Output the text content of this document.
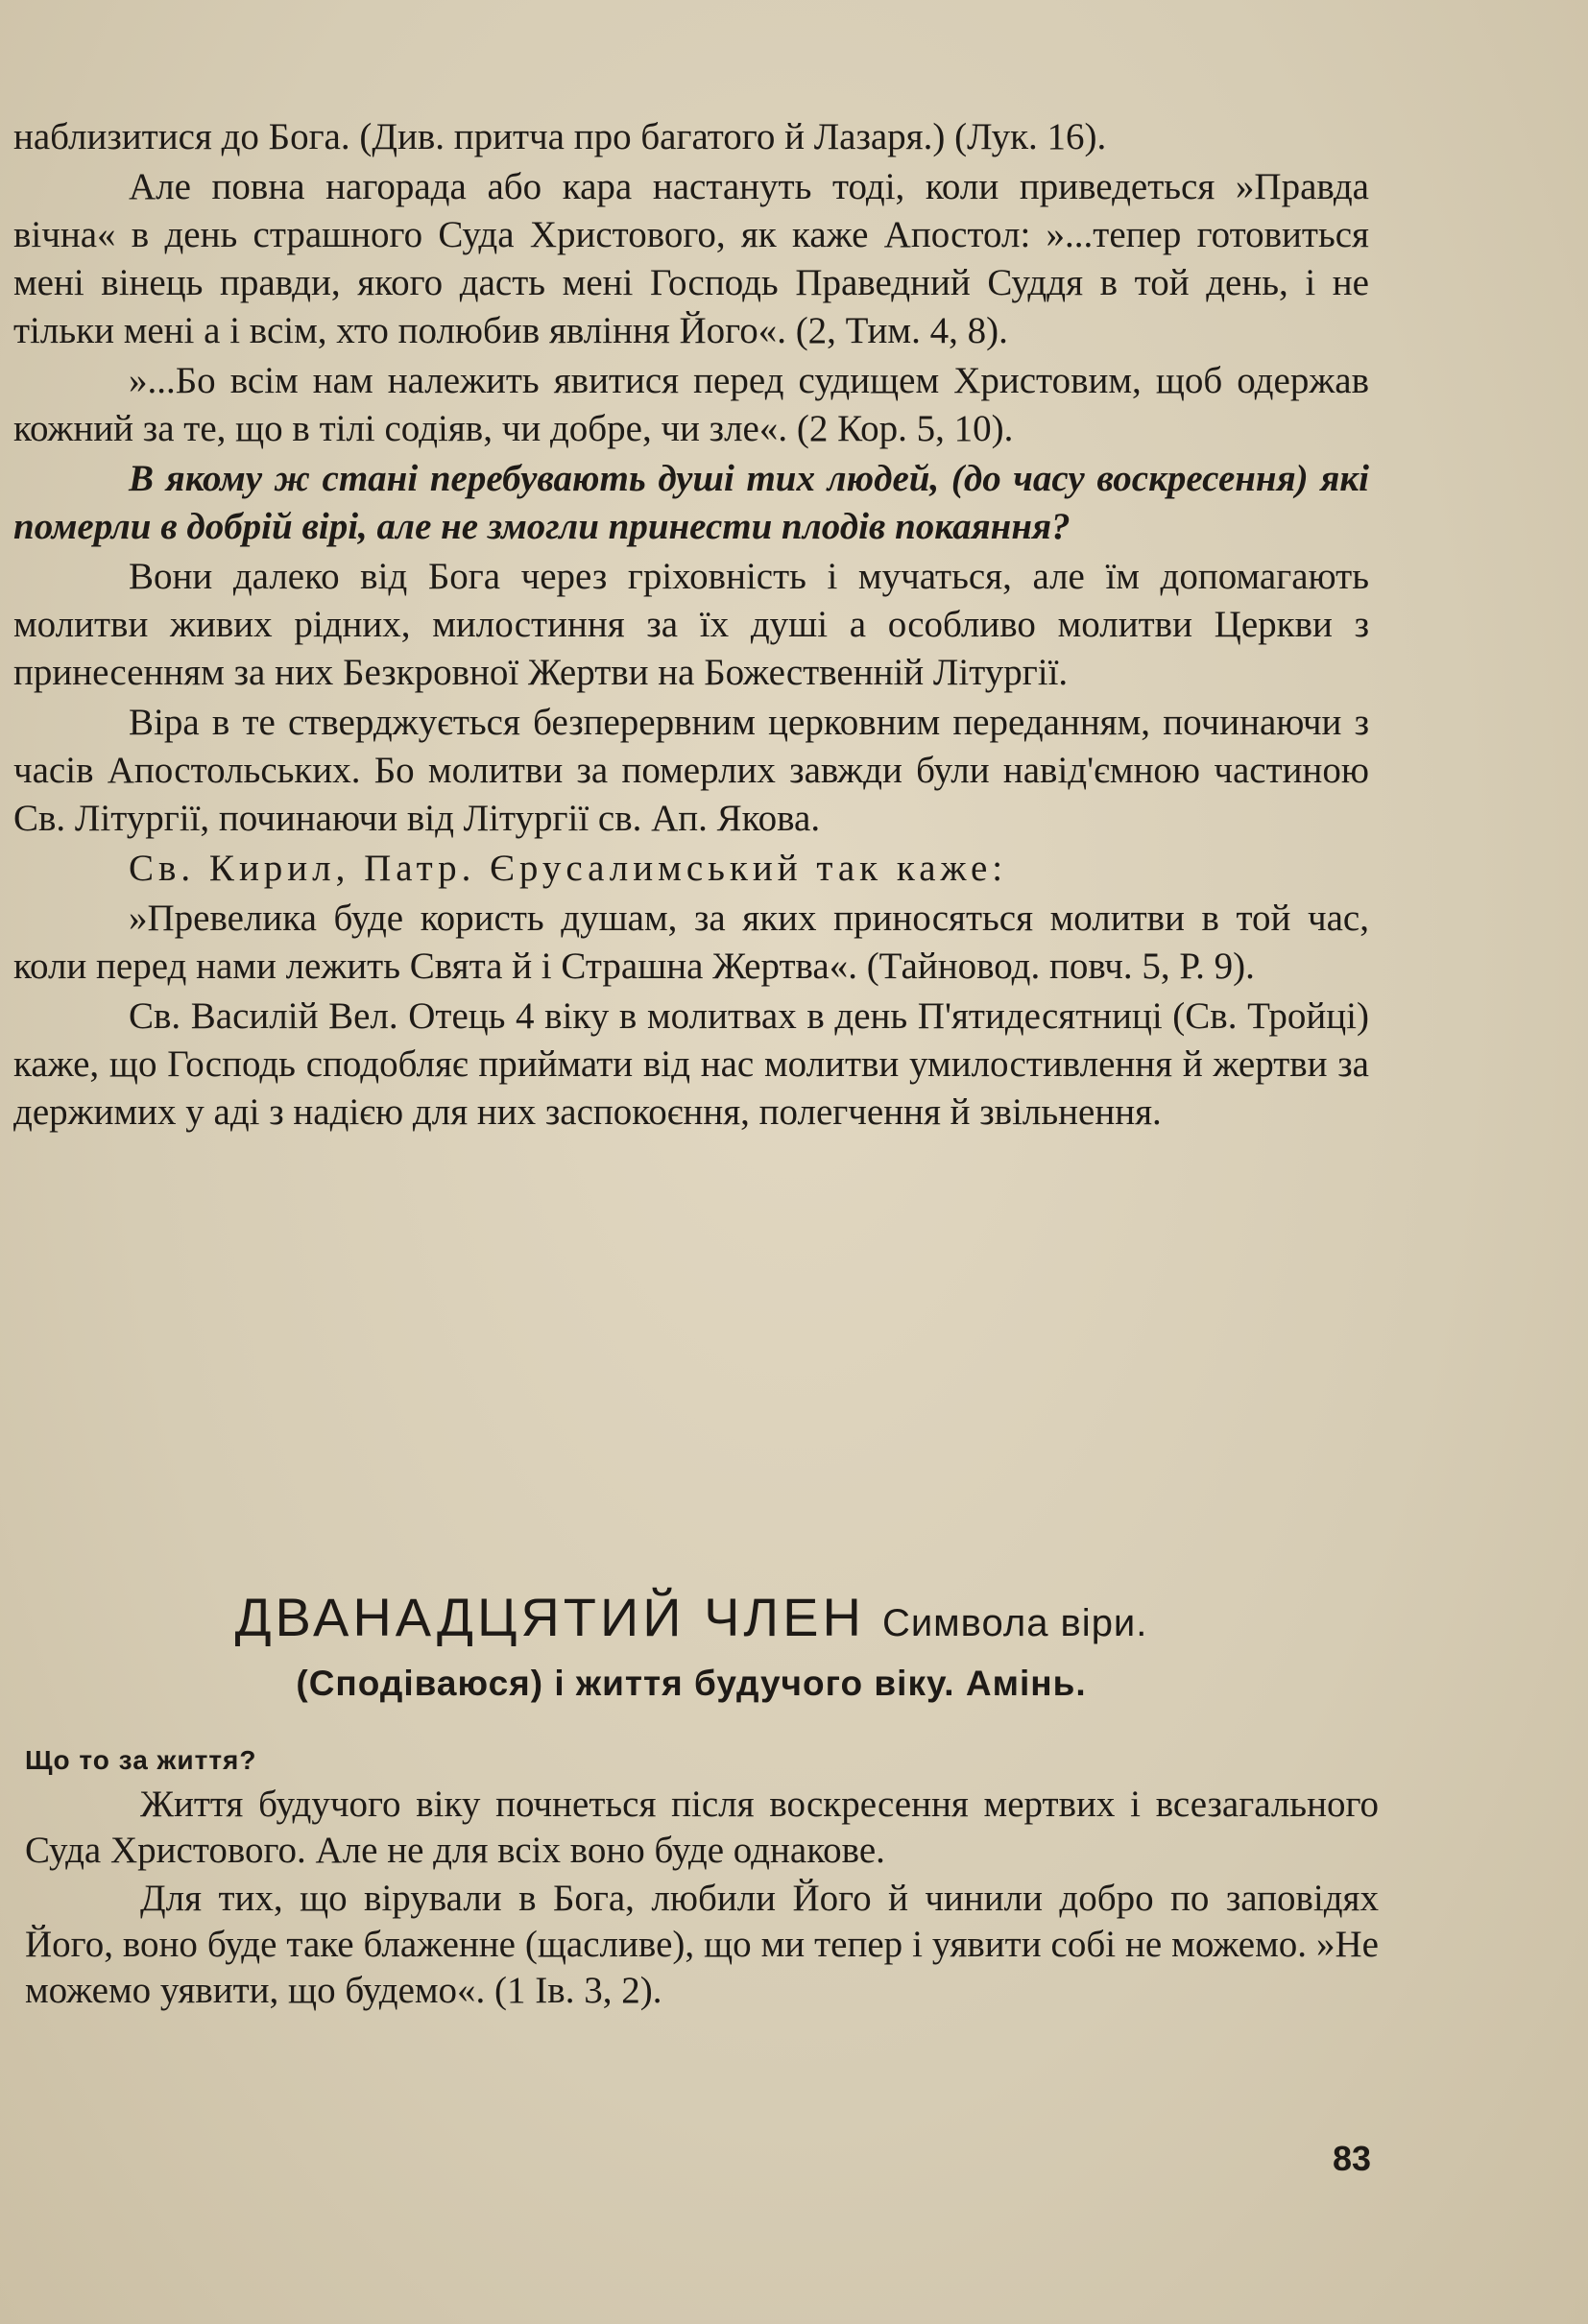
наблизитися до Бога. (Див. притча про багатого й Лазаря.) (Лук. 16).

Але повна нагорада або кара настануть тоді, коли приведеться »Правда вічна« в день страшного Суда Христового, як каже Апостол: »...тепер готовиться мені вінець правди, якого дасть мені Господь Праведний Суддя в той день, і не тільки мені а і всім, хто полюбив явління Його«. (2, Тим. 4, 8).

»...Бо всім нам належить явитися перед судищем Христовим, щоб одержав кожний за те, що в тілі содіяв, чи добре, чи зле«. (2 Кор. 5, 10).

В якому ж стані перебувають душі тих людей, (до часу воскресення) які померли в добрій вірі, але не змогли принести плодів покаяння?

Вони далеко від Бога через гріховність і мучаться, але їм допомагають молитви живих рідних, милостиння за їх душі а особливо молитви Церкви з принесенням за них Безкровної Жертви на Божественній Літургії.

Віра в те стверджується безперервним церковним переданням, починаючи з часів Апостольських. Бо молитви за померлих завжди були навід'ємною частиною Св. Літургії, починаючи від Літургії св. Ап. Якова.

Св. Кирил, Патр. Єрусалимський так каже:

»Превелика буде користь душам, за яких приносяться молитви в той час, коли перед нами лежить Свята й і Страшна Жертва«. (Тайновод. повч. 5, Р. 9).

Св. Василій Вел. Отець 4 віку в молитвах в день П'ятидесятниці (Св. Тройці) каже, що Господь сподобляє приймати від нас молитви умилостивлення й жертви за держимих у аді з надією для них заспокоєння, полегчення й звільнення.

ДВАНАДЦЯТИЙ ЧЛЕН Символа віри.
(Сподіваюся) і життя будучого віку. Амінь.
Що то за життя?

Життя будучого віку почнеться після воскресення мертвих і всезагального Суда Христового. Але не для всіх воно буде однакове.

Для тих, що вірували в Бога, любили Його й чинили добро по заповідях Його, воно буде таке блаженне (щасливе), що ми тепер і уявити собі не можемо. »Не можемо уявити, що будемо«. (1 Ів. 3, 2).

83
